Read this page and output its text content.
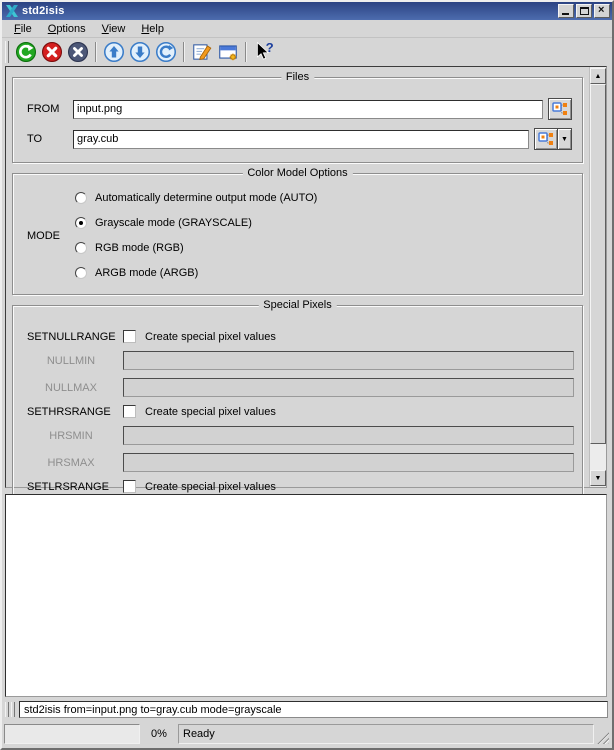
std2isis	×
File	Options	View	Help
?
Files
FROM
input.png
TO
gray.cub	▼
Color Model Options
MODE
Automatically determine output mode (AUTO)
Grayscale mode (GRAYSCALE)
RGB mode (RGB)
ARGB mode (ARGB)
Special Pixels
SETNULLRANGE	Create special pixel values
NULLMIN
NULLMAX
SETHRSRANGE	Create special pixel values
HRSMIN
HRSMAX
SETLRSRANGE	Create special pixel values
▲
▼
std2isis from=input.png to=gray.cub mode=grayscale
0%	Ready
